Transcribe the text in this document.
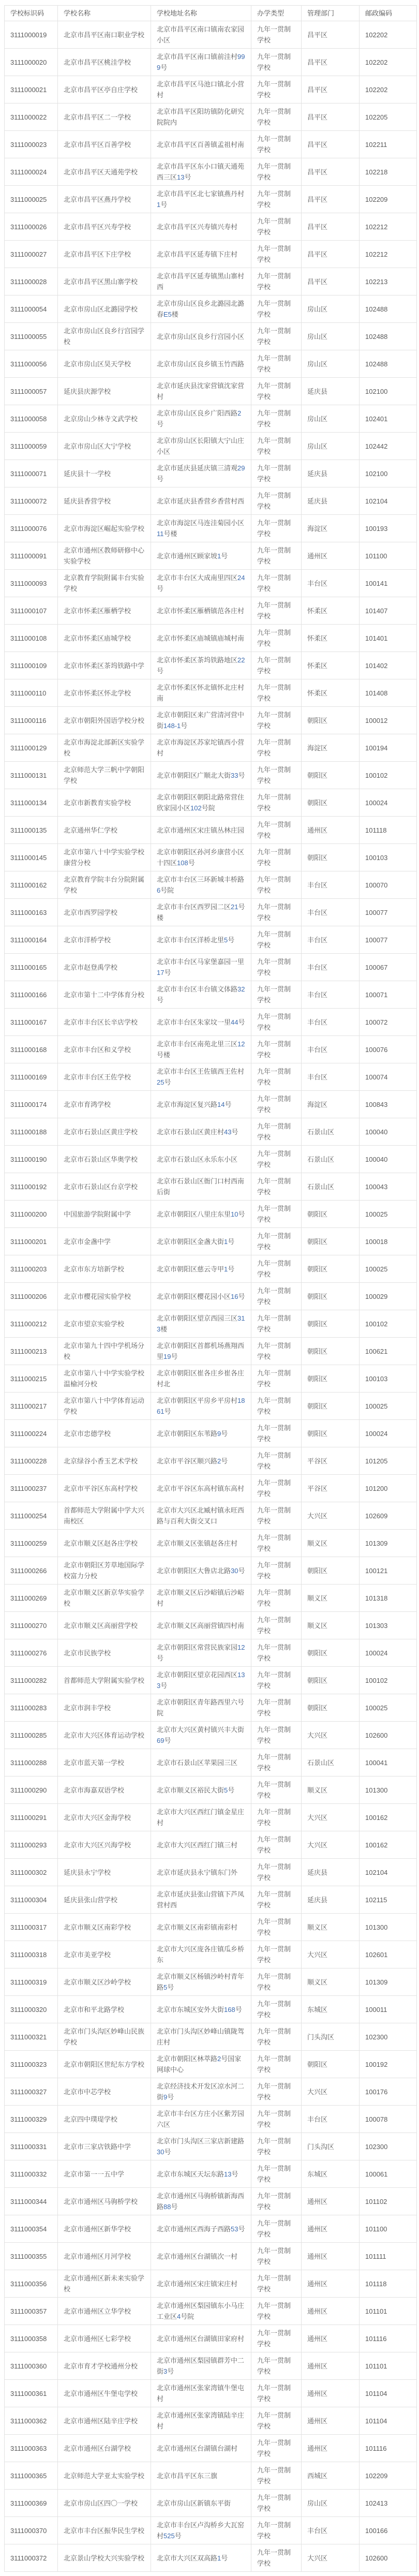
学校标识码	学校名称	学校地址名称	办学类型	管理部门	邮政编码
3111000019	北京市昌平区南口职业学校	北京市昌平区南口镇南农家园小区	九年一贯制学校	昌平区	102202
3111000020	北京市昌平区桃洼学校	北京市昌平区南口镇前洼村999号	九年一贯制学校	昌平区	102202
3111000021	北京市昌平区亭自庄学校	北京市昌平区马池口镇北小营村	九年一贯制学校	昌平区	102202
3111000022	北京市昌平区二一学校	北京市昌平区阳坊镇防化研究院院内	九年一贯制学校	昌平区	102205
3111000023	北京市昌平区百善学校	北京市昌平区百善镇孟祖村南	九年一贯制学校	昌平区	102211
3111000024	北京市昌平区天通苑学校	北京市昌平区东小口镇天通苑西三区13号	九年一贯制学校	昌平区	102218
3111000025	北京市昌平区燕丹学校	北京市昌平区北七家镇燕丹村1号	九年一贯制学校	昌平区	102209
3111000026	北京市昌平区兴寿学校	北京市昌平区兴寿镇兴寿村	九年一贯制学校	昌平区	102212
3111000027	北京市昌平区下庄学校	北京市昌平区延寿镇下庄村	九年一贯制学校	昌平区	102212
3111000028	北京市昌平区黑山寨学校	北京市昌平区延寿镇黑山寨村西	九年一贯制学校	昌平区	102213
3111000054	北京市房山区北潞园学校	北京市房山区良乡北潞园北潞春E5楼	九年一贯制学校	房山区	102488
3111000055	北京市房山区良乡行宫园学校	北京市房山区良乡行宫园小区	九年一贯制学校	房山区	102488
3111000056	北京市房山区昊天学校	北京市房山区良乡镇玉竹西路	九年一贯制学校	房山区	102488
3111000057	延庆县庆源学校	北京市延庆县沈家营镇沈家营村	九年一贯制学校	延庆县	102100
3111000058	北京房山少林寺文武学校	北京市房山区良乡广阳西路2号	九年一贯制学校	房山区	102401
3111000059	北京市房山区大宁学校	北京市房山区长阳镇大宁山庄小区	九年一贯制学校	房山区	102442
3111000071	延庆县十一学校	北京市延庆县延庆镇三清观29号	九年一贯制学校	延庆县	102100
3111000072	延庆县香营学校	北京市延庆县香营乡香营村西	九年一贯制学校	延庆县	102104
3111000076	北京市海淀区崛起实验学校	北京市海淀区马连洼菊园小区11号楼	九年一贯制学校	海淀区	100193
3111000091	北京市通州区教师研修中心实验学校	北京市通州区顾家坡1号	九年一贯制学校	通州区	101100
3111000093	北京教育学院附属丰台实验学校	北京市丰台区大成南里四区24号	九年一贯制学校	丰台区	100141
3111000107	北京市怀柔区雁栖学校	北京市怀柔区雁栖镇范各庄村	九年一贯制学校	怀柔区	101407
3111000108	北京市怀柔区庙城学校	北京市怀柔区庙城镇庙城村南	九年一贯制学校	怀柔区	101401
3111000109	北京市怀柔区茶坞铁路中学	北京市怀柔区茶坞铁路地区22号	九年一贯制学校	怀柔区	101402
3111000110	北京市怀柔区怀北学校	北京市怀柔区怀北镇怀北庄村南	九年一贯制学校	怀柔区	101408
3111000116	北京市朝阳外国语学校分校	北京市朝阳区来广营清河营中街148-1号	九年一贯制学校	朝阳区	100012
3111000129	北京市海淀北部新区实验学校	北京市海淀区苏家坨镇西小营村	九年一贯制学校	海淀区	100194
3111000131	北京师范大学三帆中学朝阳学校	北京市朝阳区广顺北大街33号	九年一贯制学校	朝阳区	100102
3111000134	北京市新教育实验学校	北京市朝阳区朝阳北路常营住欣家园小区102号院	九年一贯制学校	朝阳区	100024
3111000135	北京通州华仁学校	北京市通州区宋庄镇丛林庄园	九年一贯制学校	通州区	101118
3111000145	北京市第八十中学实验学校康营分校	北京市朝阳区孙河乡康营小区十四区108号	九年一贯制学校	朝阳区	100103
3111000162	北京教育学院丰台分院附属学校	北京市丰台区三环新城丰桥路6号院	九年一贯制学校	丰台区	100070
3111000163	北京市西罗园学校	北京市丰台区西罗园二区21号楼	九年一贯制学校	丰台区	100077
3111000164	北京市洋桥学校	北京市丰台区洋桥北里5号	九年一贯制学校	丰台区	100077
3111000165	北京市赵登禹学校	北京市丰台区马家堡嘉园一里17号	九年一贯制学校	丰台区	100067
3111000166	北京市第十二中学体育分校	北京市丰台区丰台镇文体路32号	九年一贯制学校	丰台区	100071
3111000167	北京市丰台区长辛店学校	北京市丰台区朱家坟一里44号	九年一贯制学校	丰台区	100072
3111000168	北京市丰台区和义学校	北京市丰台区南苑北里三区12号楼	九年一贯制学校	丰台区	100076
3111000169	北京市丰台区王佐学校	北京市丰台区王佐镇西王佐村25号	九年一贯制学校	丰台区	100074
3111000174	北京市育鸿学校	北京市海淀区复兴路14号	九年一贯制学校	海淀区	100843
3111000188	北京市石景山区黄庄学校	北京市石景山区黄庄村43号	九年一贯制学校	石景山区	100040
3111000190	北京市石景山区华奥学校	北京市石景山区永乐东小区	九年一贯制学校	石景山区	100040
3111000192	北京市石景山区台京学校	北京市石景山区衙门口村西南后街	九年一贯制学校	石景山区	100043
3111000200	中国旅游学院附属中学	北京市朝阳区八里庄东里10号	九年一贯制学校	朝阳区	100025
3111000201	北京市金盏中学	北京市朝阳区金盏大街1号	九年一贯制学校	朝阳区	100018
3111000203	北京市东方培新学校	北京市朝阳区慈云寺甲1号	九年一贯制学校	朝阳区	100025
3111000206	北京市樱花园实验学校	北京市朝阳区樱花园小区16号	九年一贯制学校	朝阳区	100029
3111000212	北京市望京实验学校	北京市朝阳区望京西园三区313楼	九年一贯制学校	朝阳区	100102
3111000213	北京市第九十四中学机场分校	北京市朝阳区首都机场燕翔西里19号	九年一贯制学校	朝阳区	100621
3111000215	北京市第八十中学实验学校温榆河分校	北京市朝阳区崔各庄乡崔各庄村北	九年一贯制学校	朝阳区	100103
3111000217	北京市第八十中学体育运动学校	北京市朝阳区平房乡平房村1861号	九年一贯制学校	朝阳区	100025
3111000224	北京市忠德学校	北京市朝阳区东苇路9号	九年一贯制学校	朝阳区	100024
3111000228	北京绿谷小香玉艺术学校	北京市平谷区顺兴路2号	九年一贯制学校	平谷区	101205
3111000237	北京市平谷区东高村学校	北京市平谷区东高村镇东高村	九年一贯制学校	平谷区	101200
3111000254	首都师范大学附属中学大兴南校区	北京市大兴区北臧村镇永旺西路与百利大街交叉口	九年一贯制学校	大兴区	102609
3111000259	北京市顺义区赵各庄学校	北京市顺义区张镇赵各庄村	九年一贯制学校	顺义区	101309
3111000266	北京市朝阳区芳草地国际学校富力分校	北京市朝阳区大鲁店北路30号	九年一贯制学校	朝阳区	100121
3111000269	北京市顺义区新京华实验学校	北京市顺义区后沙峪镇后沙峪村	九年一贯制学校	顺义区	101318
3111000270	北京市顺义区高丽营学校	北京市顺义区高丽营镇四村南	九年一贯制学校	顺义区	101303
3111000276	北京市民族学校	北京市朝阳区常营民族家园12号	九年一贯制学校	朝阳区	100024
3111000282	首都师范大学附属实验学校	北京市朝阳区望京花园西区133号	九年一贯制学校	朝阳区	100102
3111000283	北京市润丰学校	北京市朝阳区青年路西里六号院	九年一贯制学校	朝阳区	100025
3111000285	北京市大兴区体育运动学校	北京市大兴区黄村镇兴丰大街69号	九年一贯制学校	大兴区	102600
3111000288	北京市蓝天第一学校	北京市石景山区苹果园三区	九年一贯制学校	石景山区	100041
3111000290	北京市海嘉双语学校	北京市顺义区裕民大街5号	九年一贯制学校	顺义区	101300
3111000291	北京市大兴区金海学校	北京市大兴区西红门镇金星庄村	九年一贯制学校	大兴区	100162
3111000293	北京市大兴区兴海学校	北京市大兴区西红门镇三村	九年一贯制学校	大兴区	100162
3111000302	延庆县永宁学校	北京市延庆县永宁镇东门外	九年一贯制学校	延庆县	102104
3111000304	延庆县张山营学校	北京市延庆县张山营镇下芦凤营村西	九年一贯制学校	延庆县	102115
3111000317	北京市顺义区南彩学校	北京市顺义区南彩镇南彩村	九年一贯制学校	顺义区	101300
3111000318	北京市美亚学校	北京市大兴区庞各庄镇瓜乡桥东	九年一贯制学校	大兴区	102601
3111000319	北京市顺义区沙岭学校	北京市顺义区杨镇沙岭村青年路5号	九年一贯制学校	顺义区	101309
3111000320	北京市和平北路学校	北京市东城区安外大街168号	九年一贯制学校	东城区	100011
3111000321	北京市门头沟区妙峰山民族学校	北京市门头沟区妙峰山镇陇驾庄村	九年一贯制学校	门头沟区	102300
3111000323	北京市朝阳区世纪东方学校	北京市朝阳区林萃路2号国家网球中心	九年一贯制学校	朝阳区	100192
3111000327	北京市中芯学校	北京经济技术开发区凉水河二街9号	九年一贯制学校	大兴区	100176
3111000329	北京四中璞瑅学校	北京市丰台区方庄小区紫芳园六区	九年一贯制学校	丰台区	100078
3111000331	北京市三家店铁路中学	北京市门头沟区三家店新建路30号	九年一贯制学校	门头沟区	102300
3111000332	北京市第一一五中学	北京市东城区天坛东路13号	九年一贯制学校	东城区	100061
3111000344	北京市通州区马驹桥学校	北京市通州区马驹桥镇新海西路88号	九年一贯制学校	通州区	101102
3111000354	北京市通州区新华学校	北京市通州区西海子西路53号	九年一贯制学校	通州区	101100
3111000355	北京市通州区月河学校	北京市通州区台湖镇次一村	九年一贯制学校	通州区	101111
3111000356	北京市通州区新未来实验学校	北京市通州区宋庄镇宋庄村	九年一贯制学校	通州区	101118
3111000357	北京市通州区立华学校	北京市通州区梨园镇东小马庄工业区4号院	九年一贯制学校	通州区	101101
3111000358	北京市通州区七彩学校	北京市通州区台湖镇田家府村	九年一贯制学校	通州区	101116
3111000360	北京市育才学校通州分校	北京市通州区梨园镇群芳中二街3号	九年一贯制学校	通州区	101101
3111000361	北京市通州区牛堡屯学校	北京市通州区张家湾镇牛堡屯村	九年一贯制学校	通州区	101104
3111000362	北京市通州区陆辛庄学校	北京市通州区张家湾镇陆辛庄村	九年一贯制学校	通州区	101104
3111000363	北京市通州区台湖学校	北京市通州区台湖镇台湖村	九年一贯制学校	通州区	101116
3111000365	北京师范大学亚太实验学校	北京市昌平区东三旗	九年一贯制学校	西城区	102209
3111000369	北京市房山区四〇一学校	北京市房山区新镇东平街	九年一贯制学校	房山区	102413
3111000370	北京市丰台区振华民生学校	北京市丰台区卢沟桥乡大瓦窑村525号	九年一贯制学校	丰台区	100166
3111000372	北京景山学校大兴实验学校	北京市大兴区双高路1号	九年一贯制学校	大兴区	102600
